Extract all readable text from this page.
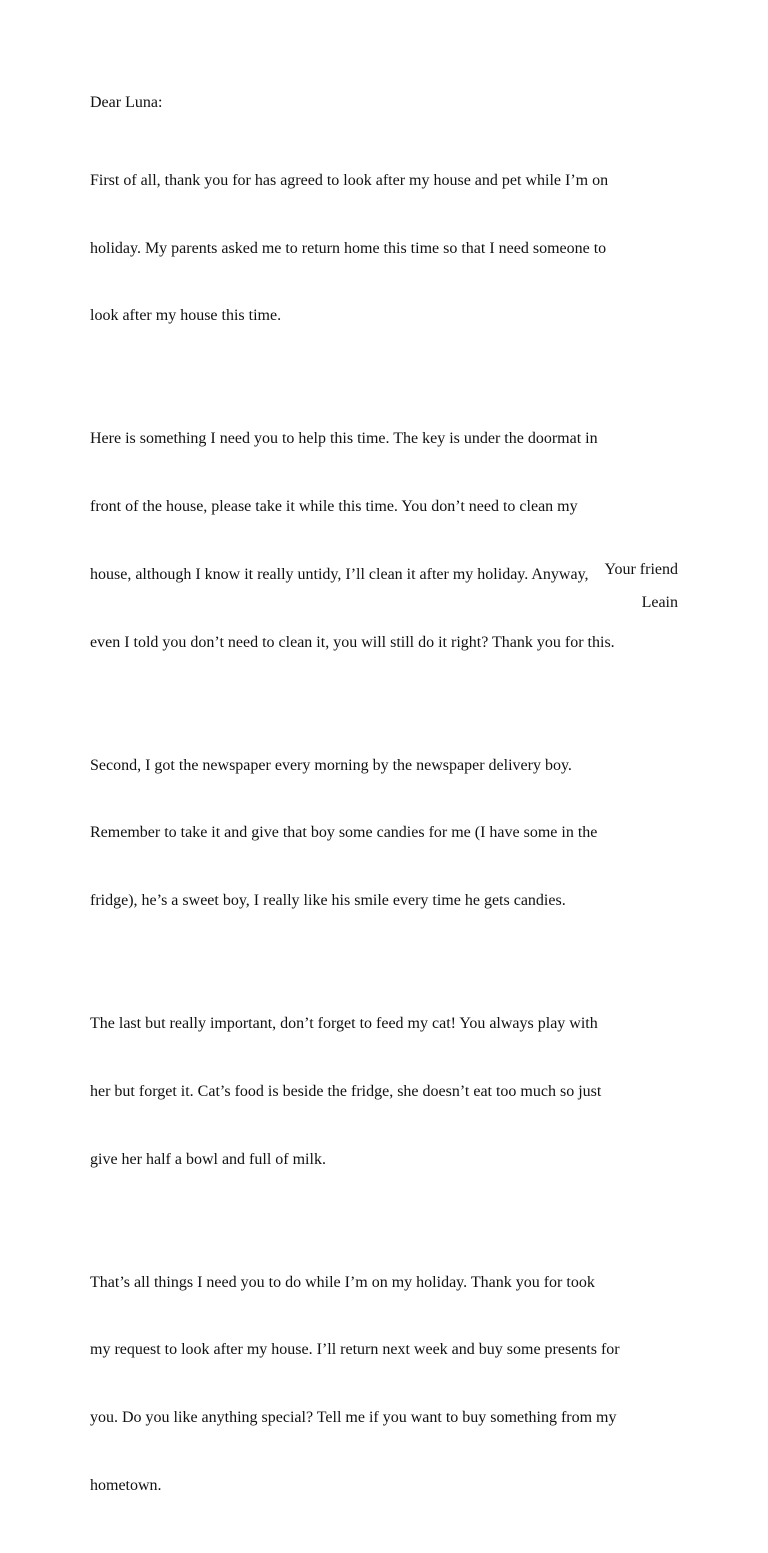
Dear Luna:

First of all, thank you for has agreed to look after my house and pet while I’m on

holiday. My parents asked me to return home this time so that I need someone to

look after my house this time.

Here is something I need you to help this time. The key is under the doormat in

front of the house, please take it while this time. You don’t need to clean my

house, although I know it really untidy, I’ll clean it after my holiday. Anyway,

even I told you don’t need to clean it, you will still do it right? Thank you for this.

Second, I got the newspaper every morning by the newspaper delivery boy.

Remember to take it and give that boy some candies for me (I have some in the

fridge), he’s a sweet boy, I really like his smile every time he gets candies.

The last but really important, don’t forget to feed my cat! You always play with

her but forget it. Cat’s food is beside the fridge, she doesn’t eat too much so just

give her half a bowl and full of milk.

That’s all things I need you to do while I’m on my holiday. Thank you for took

my request to look after my house. I’ll return next week and buy some presents for

you. Do you like anything special? Tell me if you want to buy something from my

hometown.

Your friend
Leain
